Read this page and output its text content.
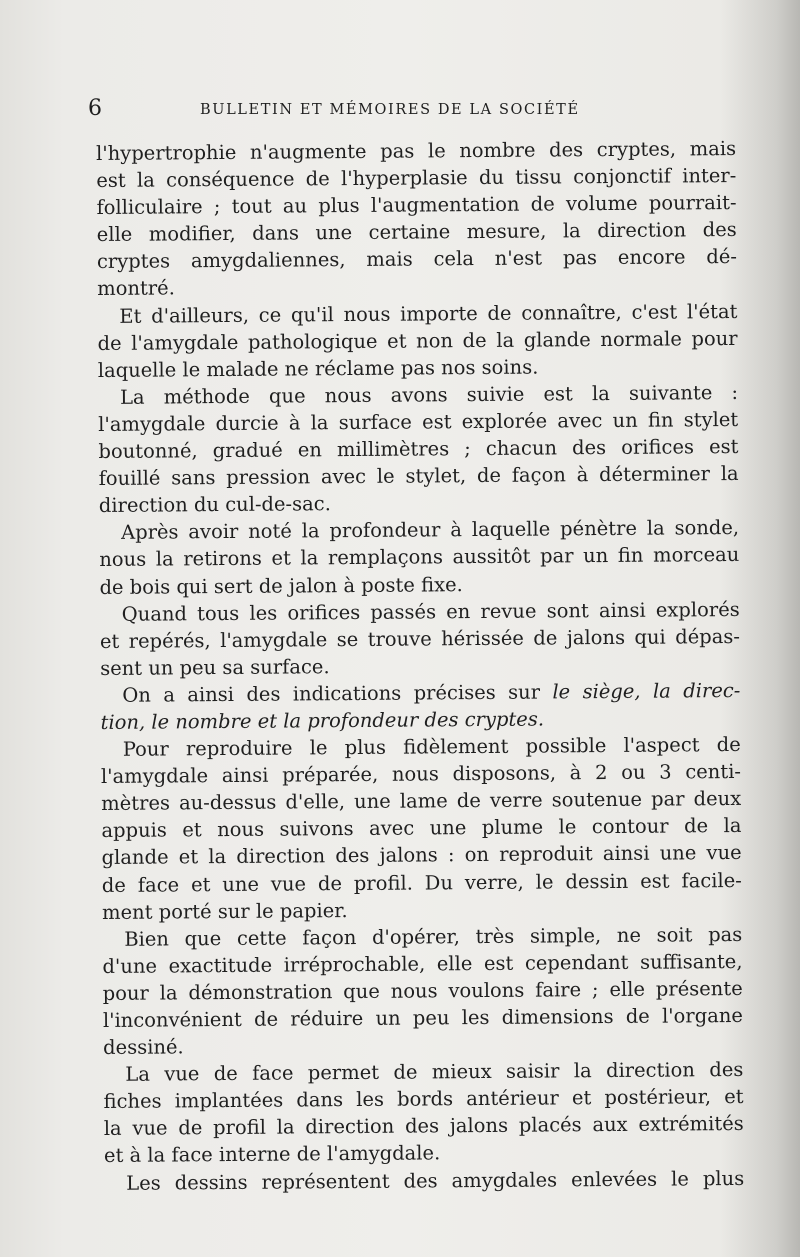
6	BULLETIN ET MÉMOIRES DE LA SOCIÉTÉ
l'hypertrophie n'augmente pas le nombre des cryptes, mais
est la conséquence de l'hyperplasie du tissu conjonctif inter-
folliculaire ; tout au plus l'augmentation de volume pourrait-
elle modifier, dans une certaine mesure, la direction des
cryptes amygdaliennes, mais cela n'est pas encore dé-
montré.
Et d'ailleurs, ce qu'il nous importe de connaître, c'est l'état
de l'amygdale pathologique et non de la glande normale pour
laquelle le malade ne réclame pas nos soins.
La méthode que nous avons suivie est la suivante :
l'amygdale durcie à la surface est explorée avec un fin stylet
boutonné, gradué en millimètres ; chacun des orifices est
fouillé sans pression avec le stylet, de façon à déterminer la
direction du cul-de-sac.
Après avoir noté la profondeur à laquelle pénètre la sonde,
nous la retirons et la remplaçons aussitôt par un fin morceau
de bois qui sert de jalon à poste fixe.
Quand tous les orifices passés en revue sont ainsi explorés
et repérés, l'amygdale se trouve hérissée de jalons qui dépas-
sent un peu sa surface.
On a ainsi des indications précises sur le siège, la direc-
tion, le nombre et la profondeur des cryptes.
Pour reproduire le plus fidèlement possible l'aspect de
l'amygdale ainsi préparée, nous disposons, à 2 ou 3 centi-
mètres au-dessus d'elle, une lame de verre soutenue par deux
appuis et nous suivons avec une plume le contour de la
glande et la direction des jalons : on reproduit ainsi une vue
de face et une vue de profil. Du verre, le dessin est facile-
ment porté sur le papier.
Bien que cette façon d'opérer, très simple, ne soit pas
d'une exactitude irréprochable, elle est cependant suffisante,
pour la démonstration que nous voulons faire ; elle présente
l'inconvénient de réduire un peu les dimensions de l'organe
dessiné.
La vue de face permet de mieux saisir la direction des
fiches implantées dans les bords antérieur et postérieur, et
la vue de profil la direction des jalons placés aux extrémités
et à la face interne de l'amygdale.
Les dessins représentent des amygdales enlevées le plus
